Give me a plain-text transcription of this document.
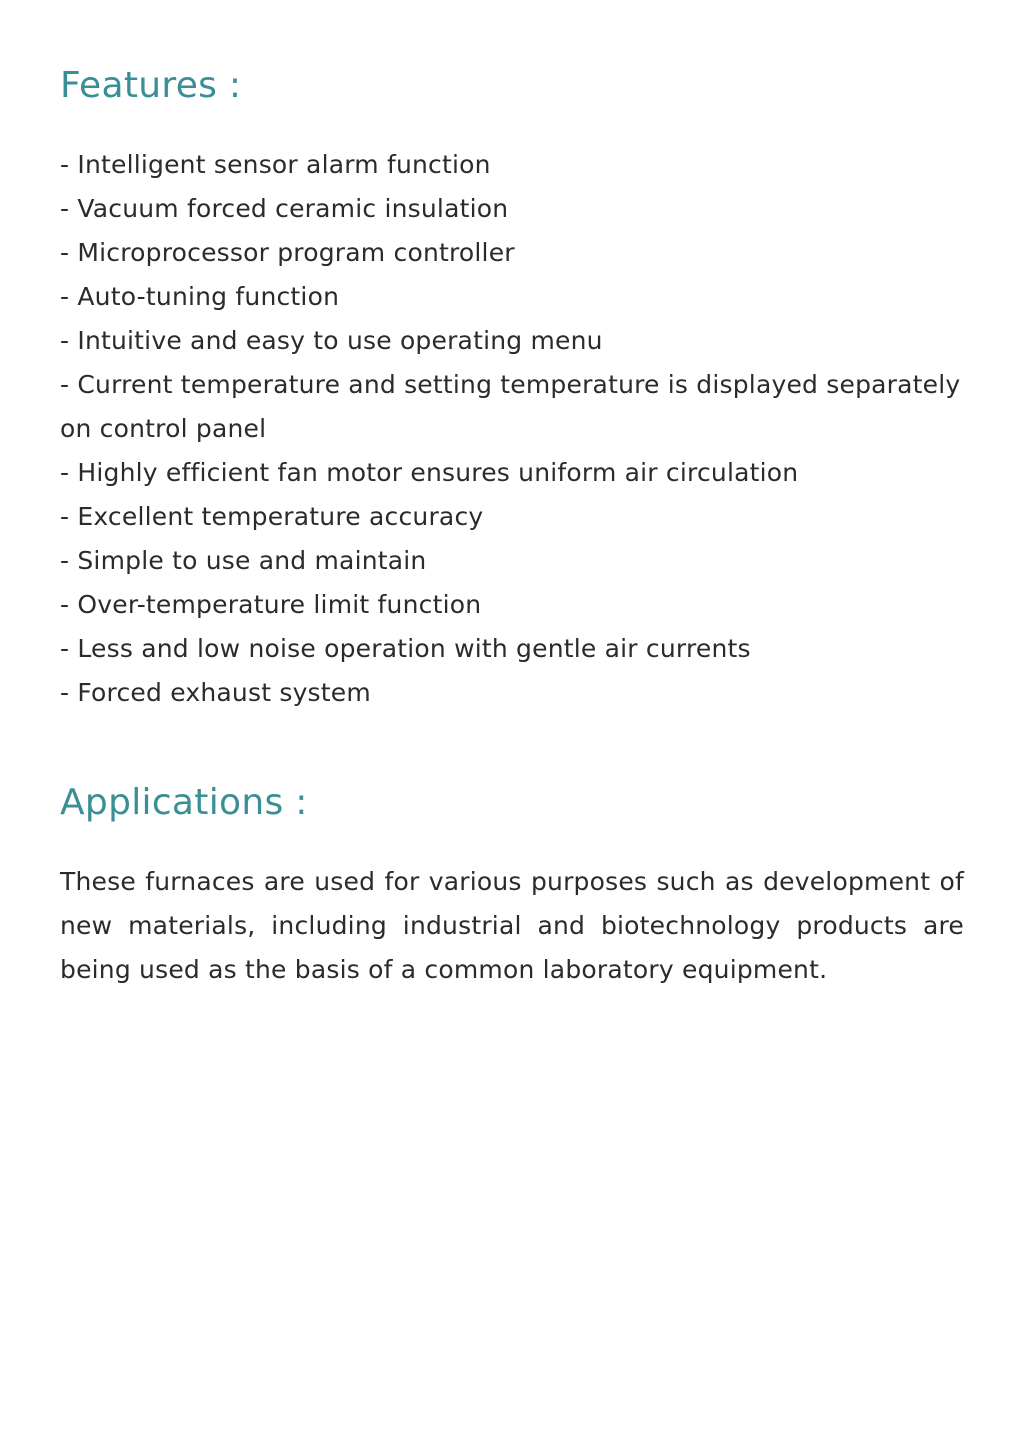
Features :
- Intelligent sensor alarm function
- Vacuum forced ceramic insulation
- Microprocessor program controller
- Auto-tuning function
- Intuitive and easy to use operating menu
- Current temperature and setting temperature is displayed separately on control panel
- Highly efficient fan motor ensures uniform air circulation
- Excellent temperature accuracy
- Simple to use and maintain
- Over-temperature limit function
- Less and low noise operation with gentle air currents
- Forced exhaust system
Applications :

These furnaces are used for various purposes such as development of new materials, including industrial and biotechnology products are being used as the basis of a common laboratory equipment.
